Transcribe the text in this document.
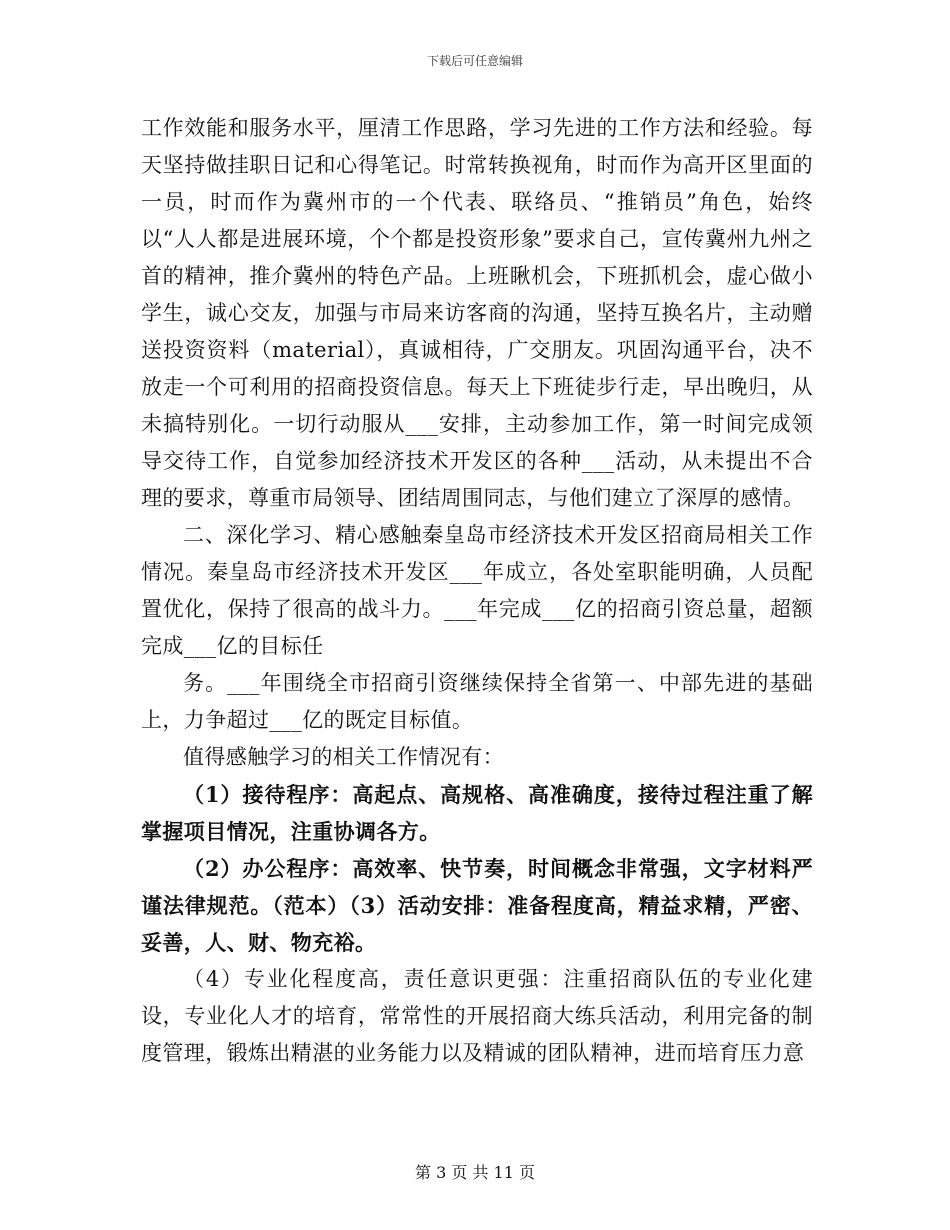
下载后可任意编辑

工作效能和服务水平，厘清工作思路，学习先进的工作方法和经验。每天坚持做挂职日记和心得笔记。时常转换视角，时而作为高开区里面的一员，时而作为冀州市的一个代表、联络员、“推销员”角色，始终以“人人都是进展环境，个个都是投资形象”要求自己，宣传冀州九州之首的精神，推介冀州的特色产品。上班瞅机会，下班抓机会，虚心做小学生，诚心交友，加强与市局来访客商的沟通，坚持互换名片，主动赠送投资资料（material），真诚相待，广交朋友。巩固沟通平台，决不放走一个可利用的招商投资信息。每天上下班徒步行走，早出晚归，从未搞特别化。一切行动服从___安排，主动参加工作，第一时间完成领导交待工作，自觉参加经济技术开发区的各种___活动，从未提出不合理的要求，尊重市局领导、团结周围同志，与他们建立了深厚的感情。

二、深化学习、精心感触秦皇岛市经济技术开发区招商局相关工作情况。秦皇岛市经济技术开发区___年成立，各处室职能明确，人员配置优化，保持了很高的战斗力。___年完成___亿的招商引资总量，超额完成___亿的目标任

务。___年围绕全市招商引资继续保持全省第一、中部先进的基础上，力争超过___亿的既定目标值。

值得感触学习的相关工作情况有：

（1）接待程序：高起点、高规格、高准确度，接待过程注重了解掌握项目情况，注重协调各方。

（2）办公程序：高效率、快节奏，时间概念非常强，文字材料严谨法律规范。（范本）（3）活动安排：准备程度高，精益求精，严密、妥善，人、财、物充裕。

（4）专业化程度高，责任意识更强：注重招商队伍的专业化建设，专业化人才的培育，常常性的开展招商大练兵活动，利用完备的制度管理，锻炼出精湛的业务能力以及精诚的团队精神，进而培育压力意

第 3 页 共 11 页
